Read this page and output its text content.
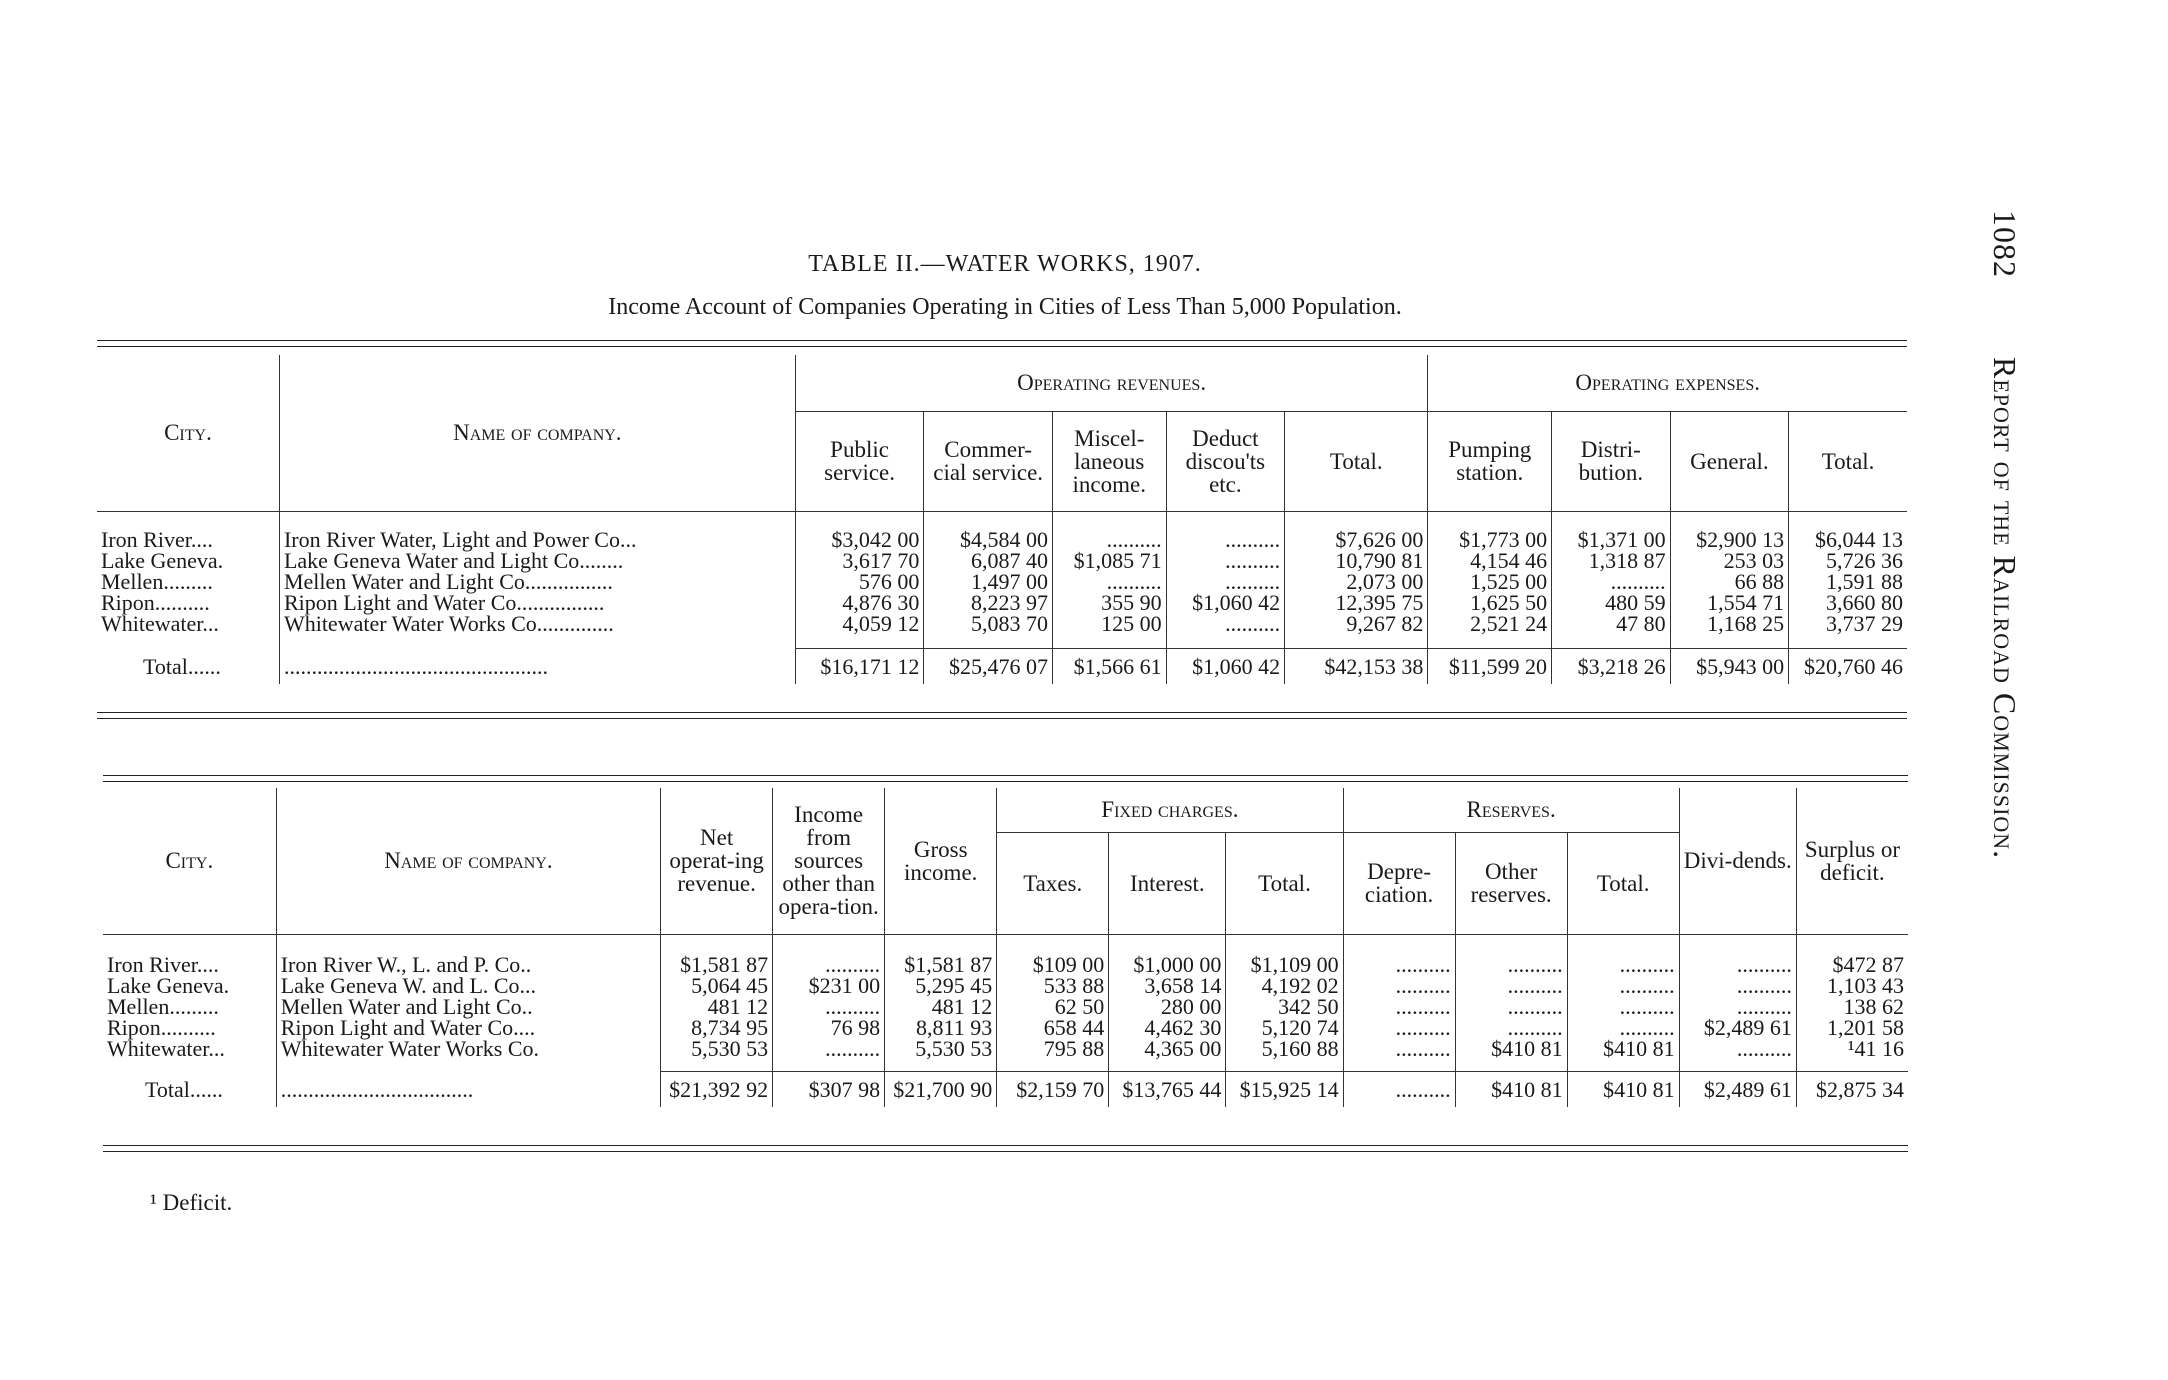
TABLE II.—WATER WORKS, 1907.
Income Account of Companies Operating in Cities of Less Than 5,000 Population.
1082 Report of the Railroad Commission.
City.	Name of company.	Operating revenues.					Operating expenses.			
		Public service.	Commer-cial service.	Miscel-laneous income.	Deduct discou'ts etc.	Total.	Pumping station.	Distri-bution.	General.	Total.

Iron River....	Iron River Water, Light and Power Co...	$3,042 00	$4,584 00	..........	..........	$7,626 00	$1,773 00	$1,371 00	$2,900 13	$6,044 13
Lake Geneva.	Lake Geneva Water and Light Co........	3,617 70	6,087 40	$1,085 71	..........	10,790 81	4,154 46	1,318 87	253 03	5,726 36
Mellen.........	Mellen Water and Light Co................	576 00	1,497 00	..........	..........	2,073 00	1,525 00	..........	66 88	1,591 88
Ripon..........	Ripon Light and Water Co................	4,876 30	8,223 97	355 90	$1,060 42	12,395 75	1,625 50	480 59	1,554 71	3,660 80
Whitewater...	Whitewater Water Works Co..............	4,059 12	5,083 70	125 00	..........	9,267 82	2,521 24	47 80	1,168 25	3,737 29

Total......	................................................	$16,171 12	$25,476 07	$1,566 61	$1,060 42	$42,153 38	$11,599 20	$3,218 26	$5,943 00	$20,760 46
City.	Name of company.	Net operat-ing revenue.	Income from sources other than opera-tion.	Gross income.	Fixed charges.			Reserves.			Divi-dends.	Surplus or deficit.
					Taxes.	Interest.	Total.	Depre-ciation.	Other reserves.	Total.		

Iron River....	Iron River W., L. and P. Co..	$1,581 87	..........	$1,581 87	$109 00	$1,000 00	$1,109 00	..........	..........	..........	..........	$472 87
Lake Geneva.	Lake Geneva W. and L. Co...	5,064 45	$231 00	5,295 45	533 88	3,658 14	4,192 02	..........	..........	..........	..........	1,103 43
Mellen.........	Mellen Water and Light Co..	481 12	..........	481 12	62 50	280 00	342 50	..........	..........	..........	..........	138 62
Ripon..........	Ripon Light and Water Co....	8,734 95	76 98	8,811 93	658 44	4,462 30	5,120 74	..........	..........	..........	$2,489 61	1,201 58
Whitewater...	Whitewater Water Works Co.	5,530 53	..........	5,530 53	795 88	4,365 00	5,160 88	..........	$410 81	$410 81	..........	¹41 16

Total......	...................................	$21,392 92	$307 98	$21,700 90	$2,159 70	$13,765 44	$15,925 14	..........	$410 81	$410 81	$2,489 61	$2,875 34
¹ Deficit.
